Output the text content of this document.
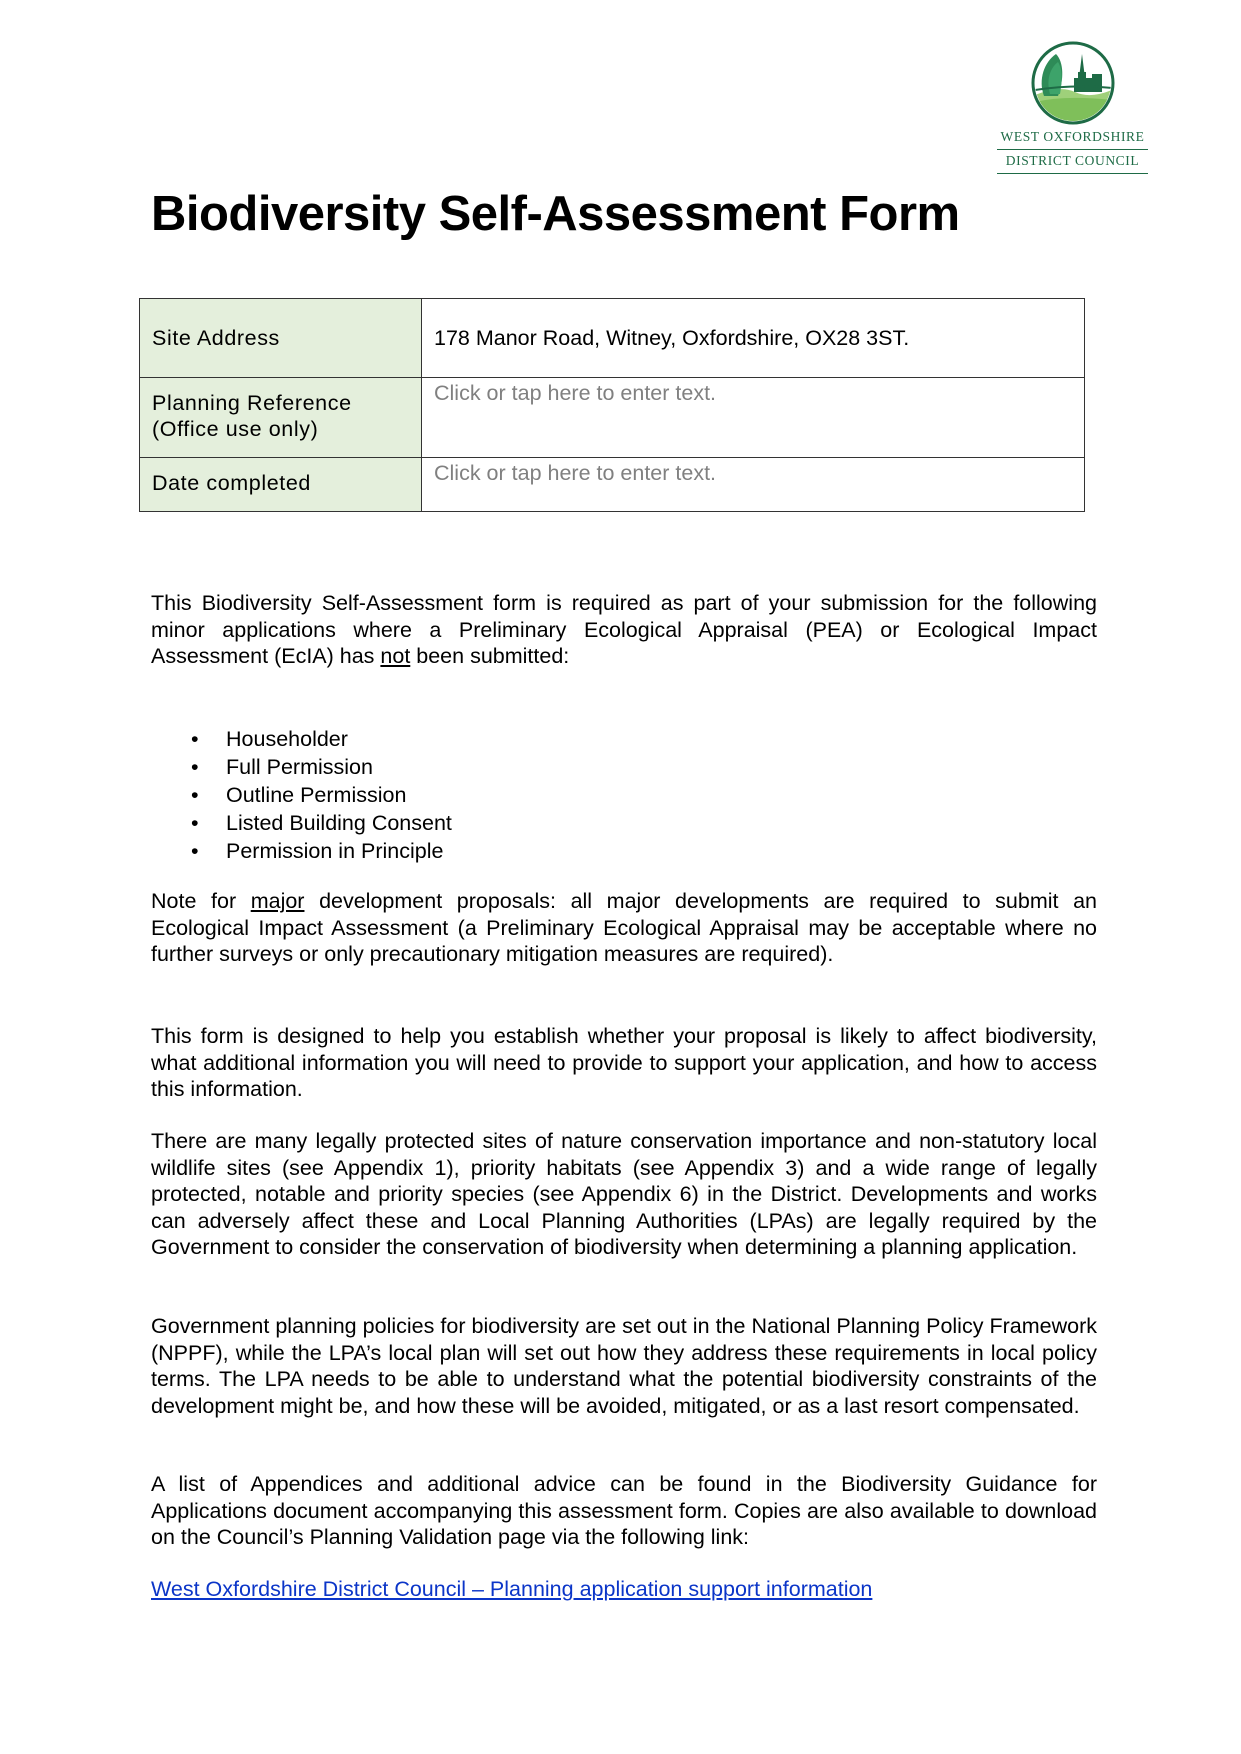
WEST OXFORDSHIRE
DISTRICT COUNCIL
Biodiversity Self-Assessment Form
Site Address	178 Manor Road, Witney, Oxfordshire, OX28 3ST.

Planning Reference
(Office use only)	Click or tap here to enter text.

Date completed	Click or tap here to enter text.

This Biodiversity Self-Assessment form is required as part of your submission for the following minor applications where a Preliminary Ecological Appraisal (PEA) or Ecological Impact Assessment (EcIA) has not been submitted:

• Householder
• Full Permission
• Outline Permission
• Listed Building Consent
• Permission in Principle

Note for major development proposals: all major developments are required to submit an Ecological Impact Assessment (a Preliminary Ecological Appraisal may be acceptable where no further surveys or only precautionary mitigation measures are required).

This form is designed to help you establish whether your proposal is likely to affect biodiversity, what additional information you will need to provide to support your application, and how to access this information.

There are many legally protected sites of nature conservation importance and non-statutory local wildlife sites (see Appendix 1), priority habitats (see Appendix 3) and a wide range of legally protected, notable and priority species (see Appendix 6) in the District. Developments and works can adversely affect these and Local Planning Authorities (LPAs) are legally required by the Government to consider the conservation of biodiversity when determining a planning application.

Government planning policies for biodiversity are set out in the National Planning Policy Framework (NPPF), while the LPA’s local plan will set out how they address these requirements in local policy terms. The LPA needs to be able to understand what the potential biodiversity constraints of the development might be, and how these will be avoided, mitigated, or as a last resort compensated.

A list of Appendices and additional advice can be found in the Biodiversity Guidance for Applications document accompanying this assessment form. Copies are also available to download on the Council’s Planning Validation page via the following link:

West Oxfordshire District Council – Planning application support information
